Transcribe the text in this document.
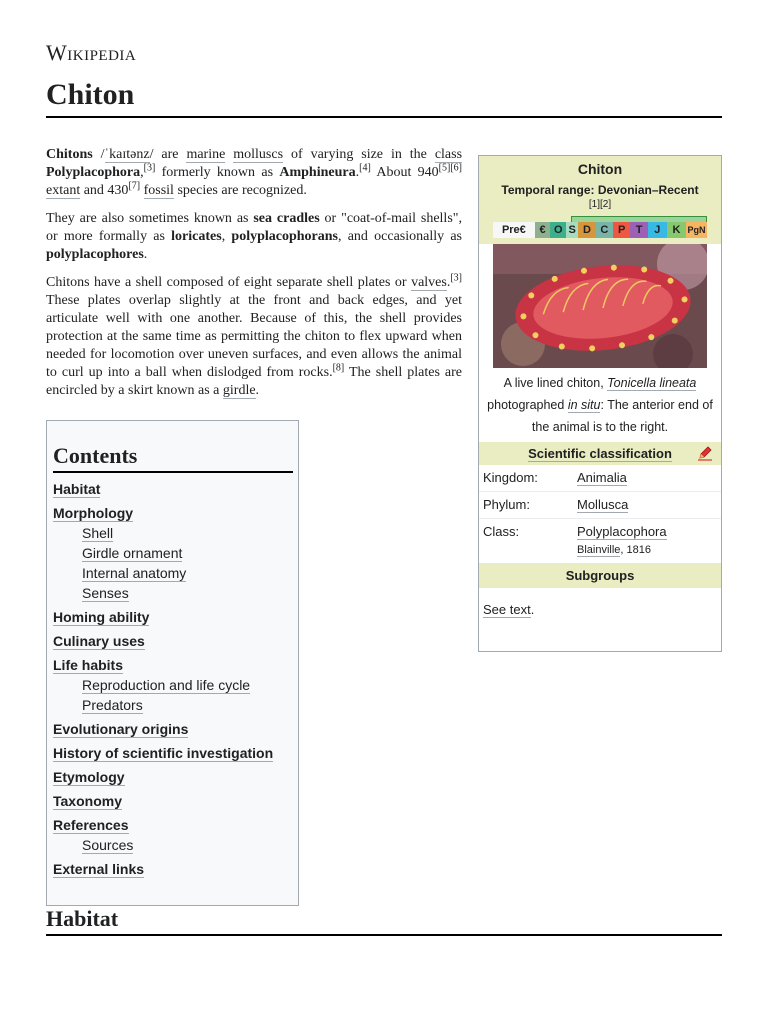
Wikipedia
Chiton

Chitons /ˈkaɪtənz/ are marine molluscs of varying size in the class Polyplacophora,[3] formerly known as Amphineura.[4] About 940[5][6] extant and 430[7] fossil species are recognized.

They are also sometimes known as sea cradles or "coat-of-mail shells", or more formally as loricates, polyplacophorans, and occasionally as polyplacophores.

Chitons have a shell composed of eight separate shell plates or valves.[3] These plates overlap slightly at the front and back edges, and yet articulate well with one another. Because of this, the shell provides protection at the same time as permitting the chiton to flex upward when needed for locomotion over uneven surfaces, and even allows the animal to curl up into a ball when dislodged from rocks.[8] The shell plates are encircled by a skirt known as a girdle.

Contents
Habitat
Morphology
Shell
Girdle ornament
Internal anatomy
Senses
Homing ability
Culinary uses
Life habits
Reproduction and life cycle
Predators
Evolutionary origins
History of scientific investigation
Etymology
Taxonomy
References
Sources
External links
Habitat
Chiton
Temporal range: Devonian–Recent
[1][2]
Pre€	€ O S D C P T	J	K PgN
A live lined chiton, Tonicella lineata photographed in situ: The anterior end of the animal is to the right.
Scientific classification
Kingdom:	Animalia
Phylum:	Mollusca
Class:	Polyplacophora
Blainville, 1816
Subgroups
See text.
